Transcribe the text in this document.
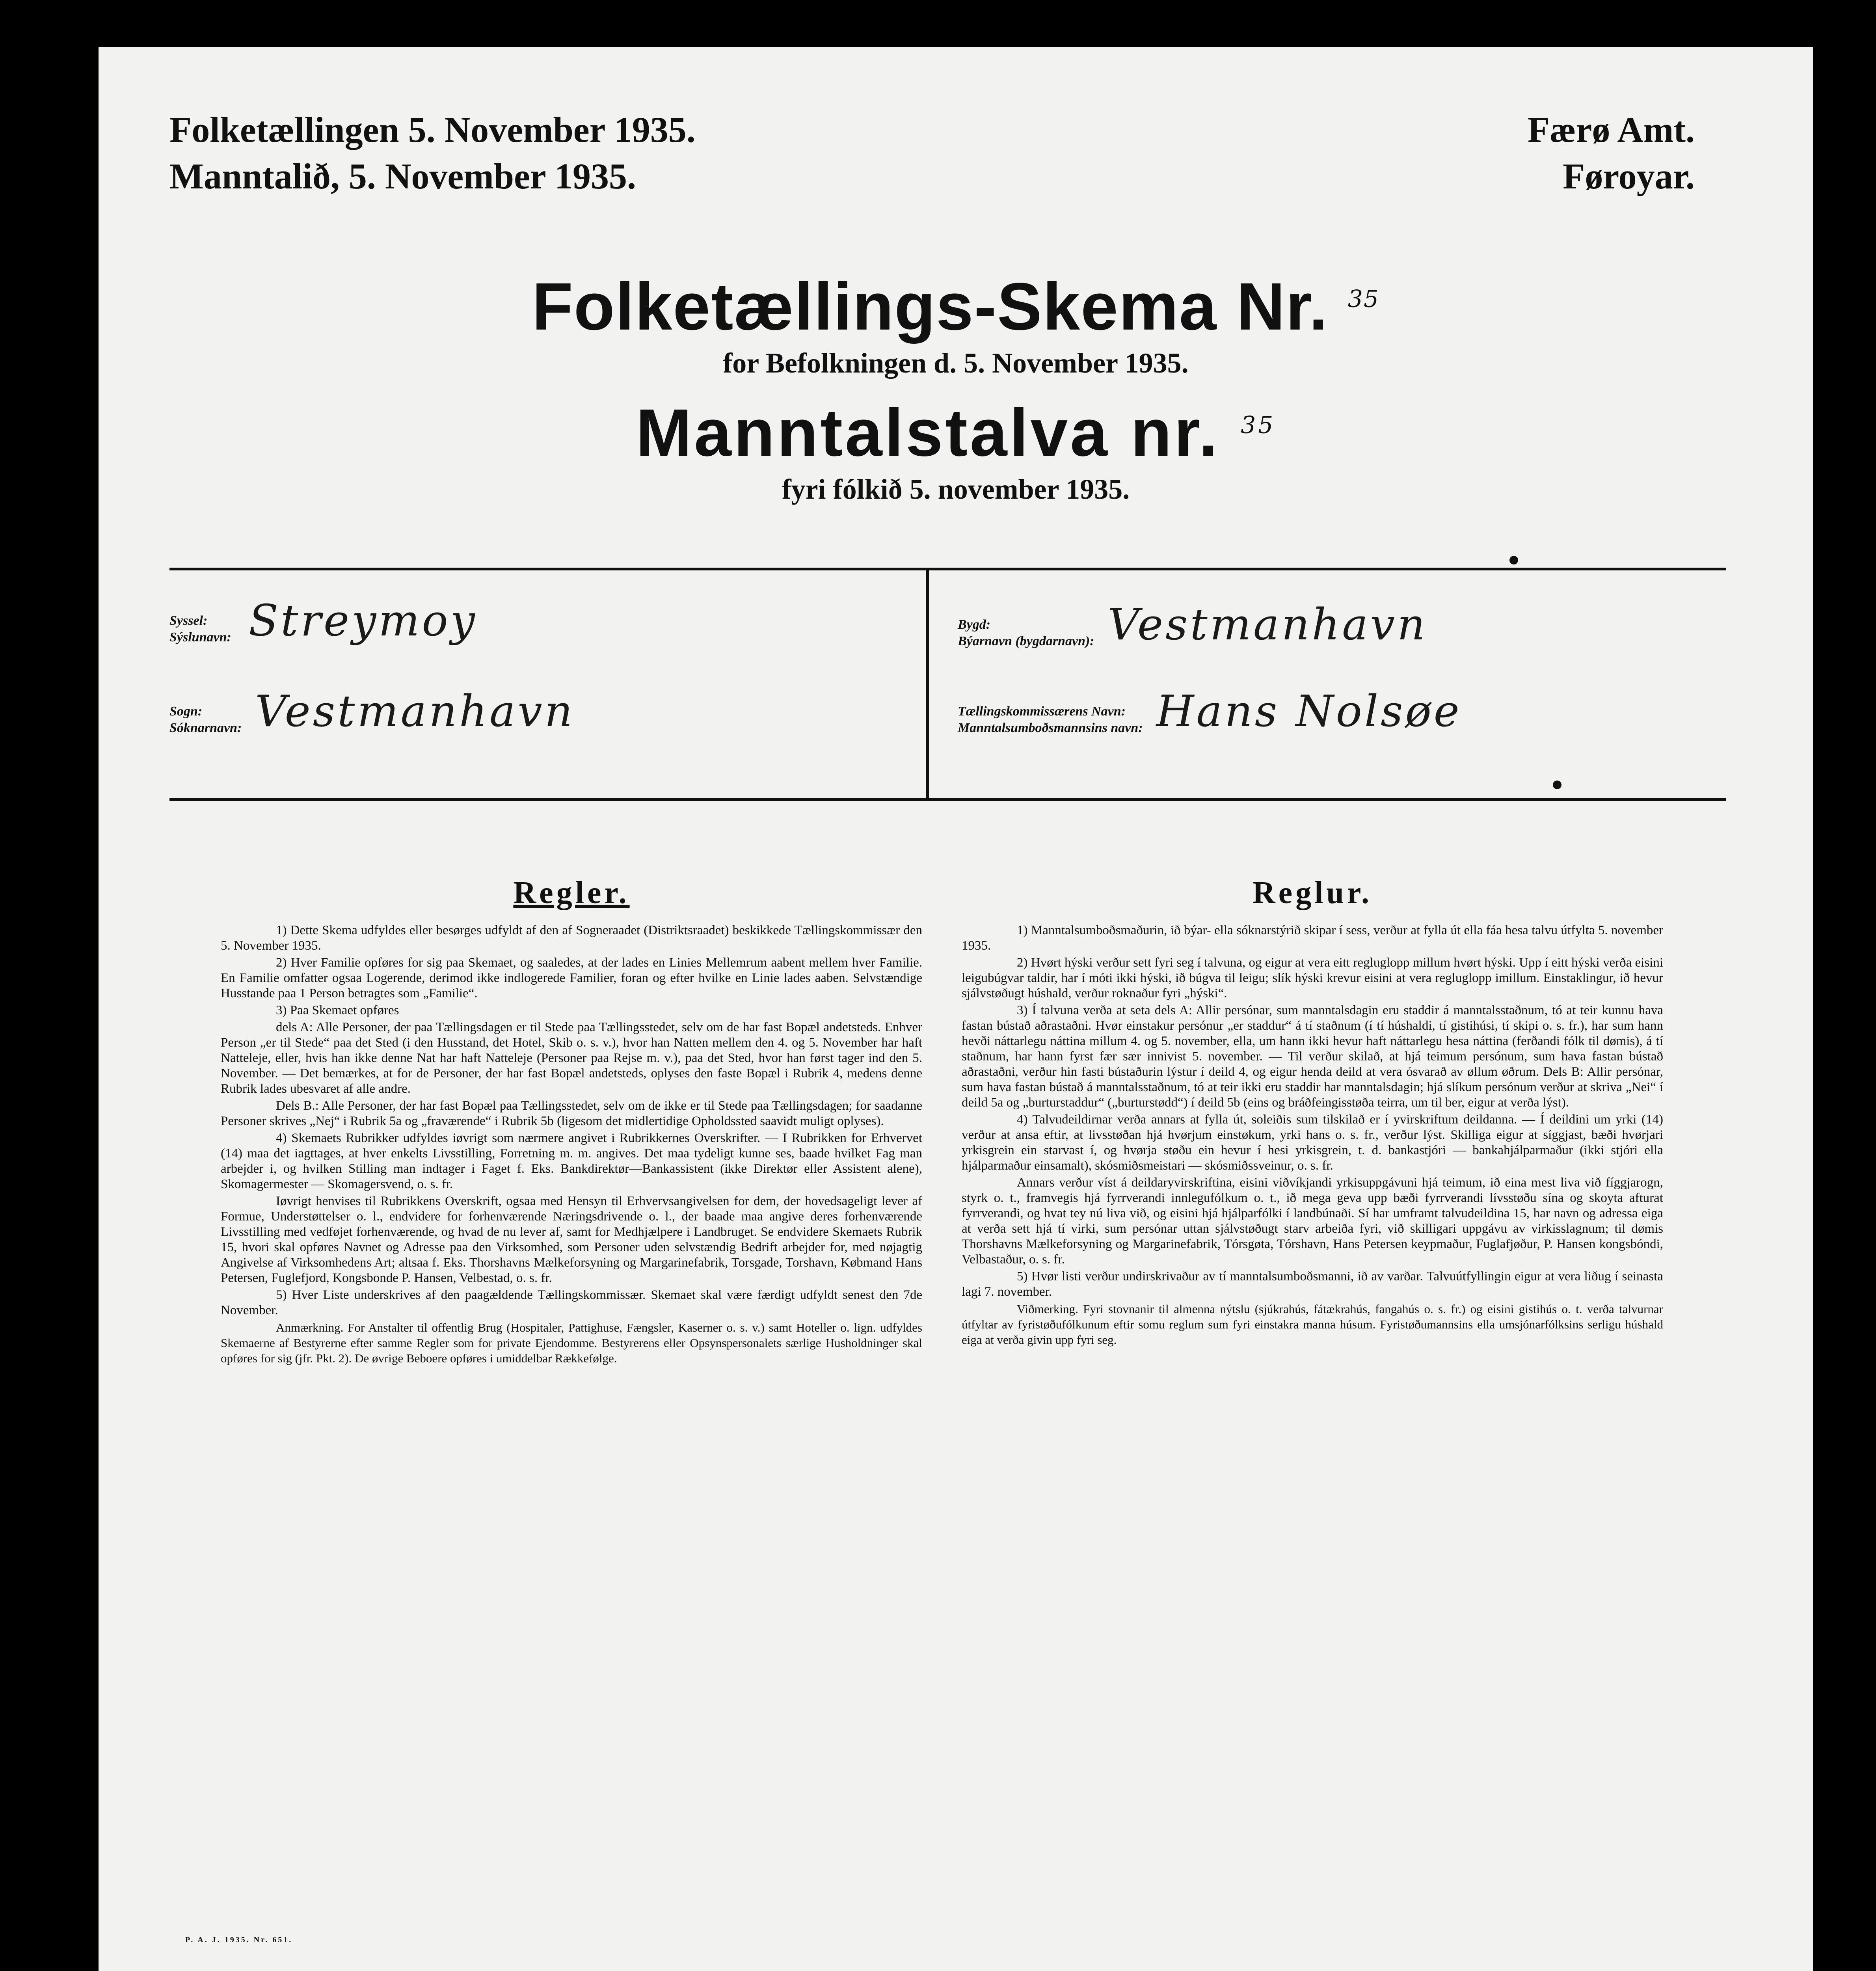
Folketællingen 5. November 1935.
Manntalið, 5. November 1935.
Færø Amt.
Føroyar.
Folketællings-Skema Nr. $^{35}$
for Befolkningen d. 5. November 1935.
Manntalstalva nr. $^{35}$
fyri fólkið 5. november 1935.
Syssel:
Sýslunavn: Streymoy
Sogn:
Sóknarnavn: Vestmanhavn
Bygd:
Býarnavn (bygdarnavn): Vestmanhavn
Tællingskommissærens Navn:
Manntalsumboðsmannsins navn: Hans Nolsøe
Regler.

1) Dette Skema udfyldes eller besørges udfyldt af den af Sogneraadet (Distriktsraadet) beskikkede Tællingskommissær den 5. November 1935.

2) Hver Familie opføres for sig paa Skemaet, og saaledes, at der lades en Linies Mellemrum aabent mellem hver Familie. En Familie omfatter ogsaa Logerende, derimod ikke indlogerede Familier, foran og efter hvilke en Linie lades aaben. Selvstændige Husstande paa 1 Person betragtes som „Familie“.

3) Paa Skemaet opføres

dels A: Alle Personer, der paa Tællingsdagen er til Stede paa Tællingsstedet, selv om de har fast Bopæl andetsteds. Enhver Person „er til Stede“ paa det Sted (i den Husstand, det Hotel, Skib o. s. v.), hvor han Natten mellem den 4. og 5. November har haft Natteleje, eller, hvis han ikke denne Nat har haft Natteleje (Personer paa Rejse m. v.), paa det Sted, hvor han først tager ind den 5. November. — Det bemærkes, at for de Personer, der har fast Bopæl andetsteds, oplyses den faste Bopæl i Rubrik 4, medens denne Rubrik lades ubesvaret af alle andre.

Dels B.: Alle Personer, der har fast Bopæl paa Tællingsstedet, selv om de ikke er til Stede paa Tællingsdagen; for saadanne Personer skrives „Nej“ i Rubrik 5a og „fraværende“ i Rubrik 5b (ligesom det midlertidige Opholdssted saavidt muligt oplyses).

4) Skemaets Rubrikker udfyldes iøvrigt som nærmere angivet i Rubrikkernes Overskrifter. — I Rubrikken for Erhvervet (14) maa det iagttages, at hver enkelts Livsstilling, Forretning m. m. angives. Det maa tydeligt kunne ses, baade hvilket Fag man arbejder i, og hvilken Stilling man indtager i Faget f. Eks. Bankdirektør—Bankassistent (ikke Direktør eller Assistent alene), Skomagermester — Skomagersvend, o. s. fr.

Iøvrigt henvises til Rubrikkens Overskrift, ogsaa med Hensyn til Erhvervsangivelsen for dem, der hovedsageligt lever af Formue, Understøttelser o. l., endvidere for forhenværende Næringsdrivende o. l., der baade maa angive deres forhenværende Livsstilling med vedføjet forhenværende, og hvad de nu lever af, samt for Medhjælpere i Landbruget. Se endvidere Skemaets Rubrik 15, hvori skal opføres Navnet og Adresse paa den Virksomhed, som Personer uden selvstændig Bedrift arbejder for, med nøjagtig Angivelse af Virksomhedens Art; altsaa f. Eks. Thorshavns Mælkeforsyning og Margarinefabrik, Torsgade, Torshavn, Købmand Hans Petersen, Fuglefjord, Kongsbonde P. Hansen, Velbestad, o. s. fr.

5) Hver Liste underskrives af den paagældende Tællingskommissær. Skemaet skal være færdigt udfyldt senest den 7de November.

Anmærkning. For Anstalter til offentlig Brug (Hospitaler, Pattighuse, Fængsler, Kaserner o. s. v.) samt Hoteller o. lign. udfyldes Skemaerne af Bestyrerne efter samme Regler som for private Ejendomme. Bestyrerens eller Opsynspersonalets særlige Husholdninger skal opføres for sig (jfr. Pkt. 2). De øvrige Beboere opføres i umiddelbar Rækkefølge.

Reglur.

1) Manntalsumboðsmaðurin, ið býar- ella sóknarstýrið skipar í sess, verður at fylla út ella fáa hesa talvu útfylta 5. november 1935.

2) Hvørt hýski verður sett fyri seg í talvuna, og eigur at vera eitt regluglopp millum hvørt hýski. Upp í eitt hýski verða eisini leigubúgvar taldir, har í móti ikki hýski, ið búgva til leigu; slík hýski krevur eisini at vera regluglopp imillum. Einstaklingur, ið hevur sjálvstøðugt húshald, verður roknaður fyri „hýski“.

3) Í talvuna verða at seta dels A: Allir persónar, sum manntalsdagin eru staddir á manntalsstaðnum, tó at teir kunnu hava fastan bústað aðrastaðni. Hvør einstakur persónur „er staddur“ á tí staðnum (í tí húshaldi, tí gistihúsi, tí skipi o. s. fr.), har sum hann hevði náttarlegu náttina millum 4. og 5. november, ella, um hann ikki hevur haft náttarlegu hesa náttina (ferðandi fólk til dømis), á tí staðnum, har hann fyrst fær sær innivist 5. november. — Til verður skilað, at hjá teimum persónum, sum hava fastan bústað aðrastaðni, verður hin fasti bústaðurin lýstur í deild 4, og eigur henda deild at vera ósvarað av øllum øðrum. Dels B: Allir persónar, sum hava fastan bústað á manntalsstaðnum, tó at teir ikki eru staddir har manntalsdagin; hjá slíkum persónum verður at skriva „Nei“ í deild 5a og „burturstaddur“ („burturstødd“) í deild 5b (eins og bráðfeingisstøða teirra, um til ber, eigur at verða lýst).

4) Talvudeildirnar verða annars at fylla út, soleiðis sum tilskilað er í yvirskriftum deildanna. — Í deildini um yrki (14) verður at ansa eftir, at livsstøðan hjá hvørjum einstøkum, yrki hans o. s. fr., verður lýst. Skilliga eigur at síggjast, bæði hvørjari yrkisgrein ein starvast í, og hvørja støðu ein hevur í hesi yrkisgrein, t. d. bankastjóri — bankahjálparmaður (ikki stjóri ella hjálparmaður einsamalt), skósmiðsmeistari — skósmiðssveinur, o. s. fr.

Annars verður víst á deildaryvirskriftina, eisini viðvíkjandi yrkisuppgávuni hjá teimum, ið eina mest liva við fíggjarogn, styrk o. t., framvegis hjá fyrrverandi innlegufólkum o. t., ið mega geva upp bæði fyrrverandi lívsstøðu sína og skoyta afturat fyrrverandi, og hvat tey nú liva við, og eisini hjá hjálparfólki í landbúnaði. Sí har umframt talvudeildina 15, har navn og adressa eiga at verða sett hjá tí virki, sum persónar uttan sjálvstøðugt starv arbeiða fyri, við skilligari uppgávu av virkisslagnum; til dømis Thorshavns Mælkeforsyning og Margarinefabrik, Tórsgøta, Tórshavn, Hans Petersen keypmaður, Fuglafjøður, P. Hansen kongsbóndi, Velbastaður, o. s. fr.

5) Hvør listi verður undirskrivaður av tí manntalsumboðsmanni, ið av varðar. Talvuútfyllingin eigur at vera liðug í seinasta lagi 7. november.

Viðmerking. Fyri stovnanir til almenna nýtslu (sjúkrahús, fátækrahús, fangahús o. s. fr.) og eisini gistihús o. t. verða talvurnar útfyltar av fyristøðufólkunum eftir somu reglum sum fyri einstakra manna húsum. Fyristøðumannsins ella umsjónarfólksins serligu húshald eiga at verða givin upp fyri seg.

P. A. J. 1935. Nr. 651.
